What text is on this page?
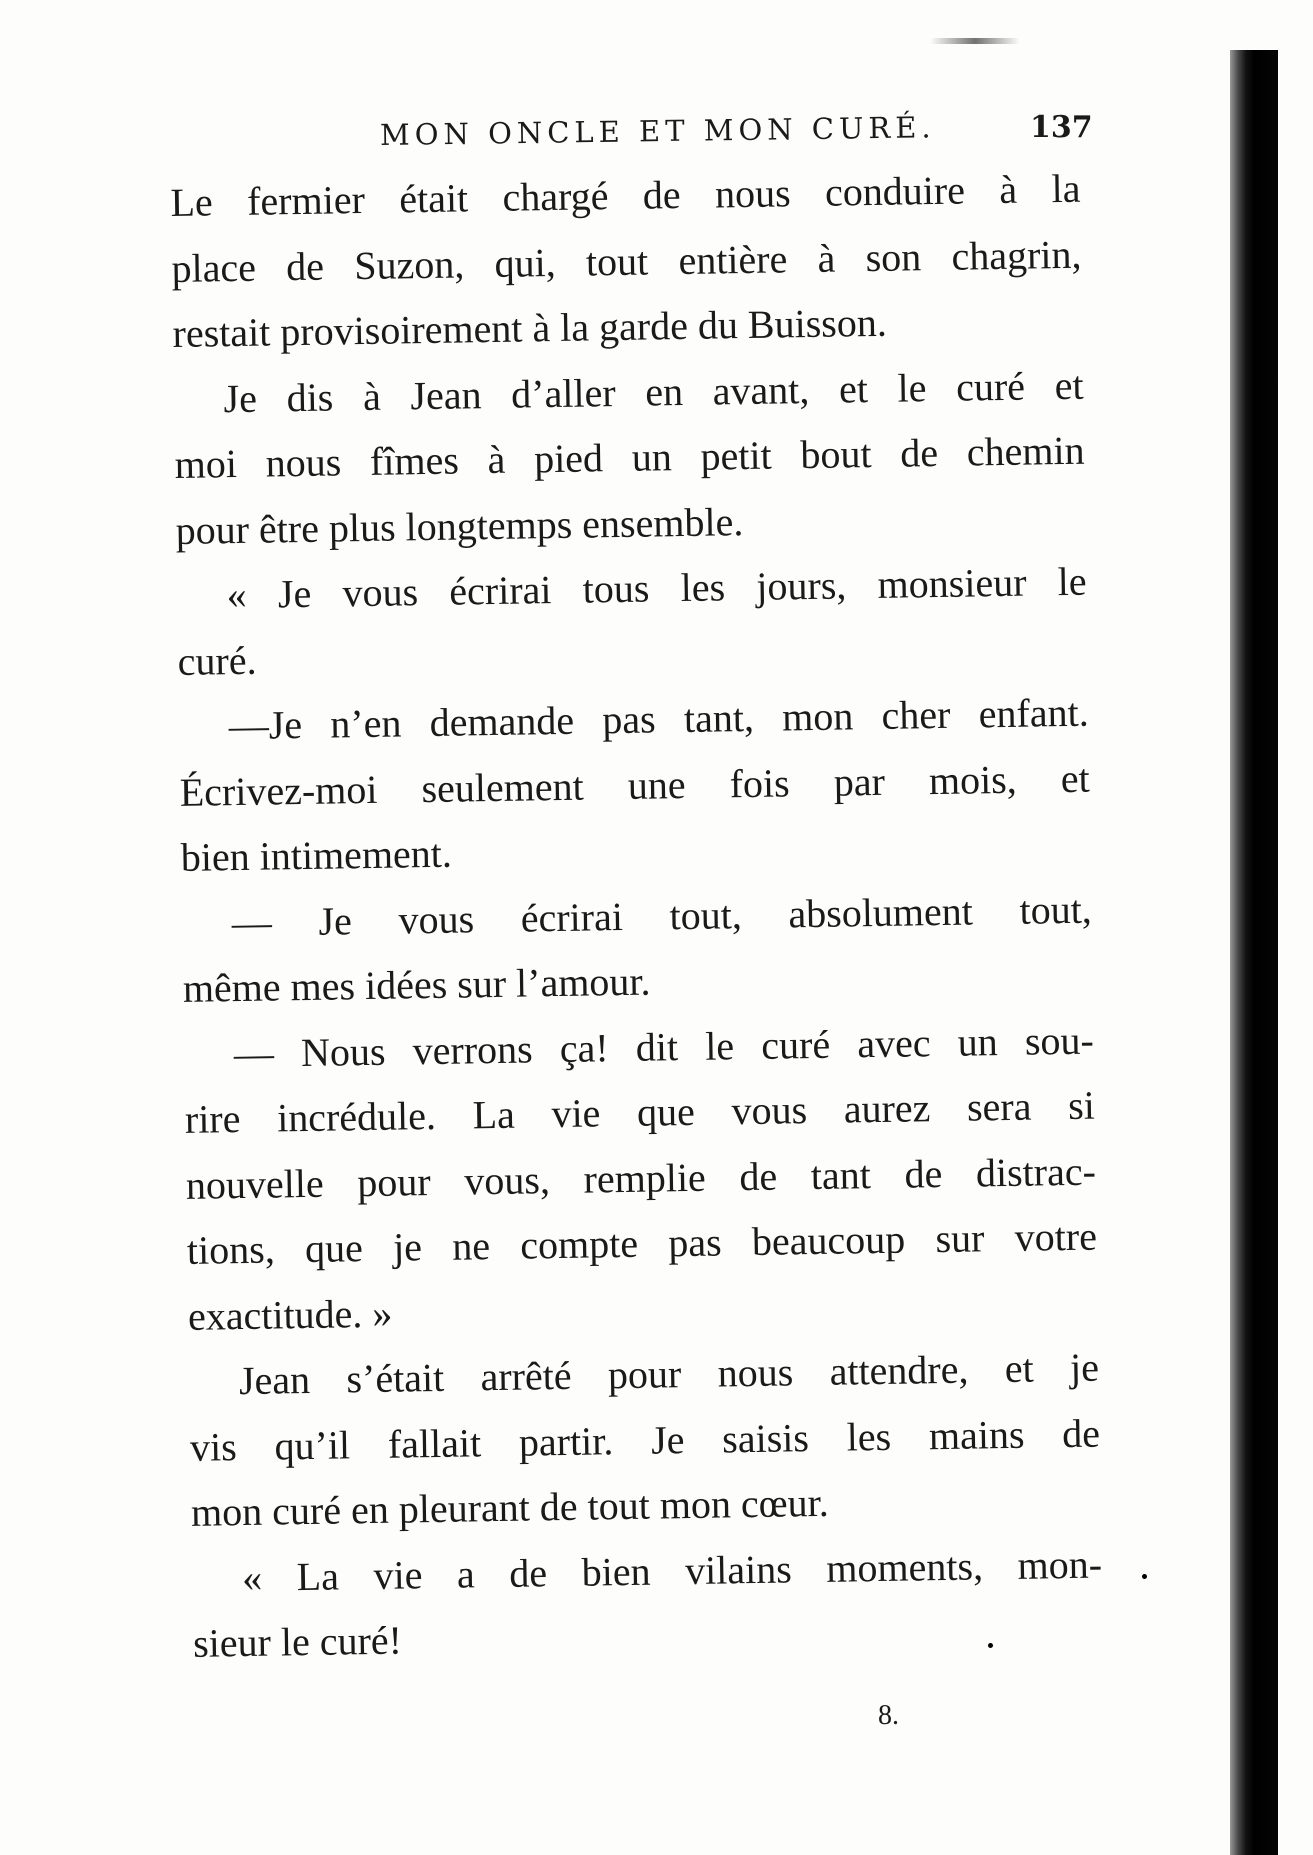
MON ONCLE ET MON CURÉ.	137
Le fermier était chargé de nous conduire à la
place de Suzon, qui, tout entière à son chagrin,
restait provisoirement à la garde du Buisson.
Je dis à Jean d’aller en avant, et le curé et
moi nous fîmes à pied un petit bout de chemin
pour être plus longtemps ensemble.
« Je vous écrirai tous les jours, monsieur le
curé.
—Je n’en demande pas tant, mon cher enfant.
Écrivez-moi seulement une fois par mois, et
bien intimement.
— Je vous écrirai tout, absolument tout,
même mes idées sur l’amour.
— Nous verrons ça! dit le curé avec un sou-
rire incrédule. La vie que vous aurez sera si
nouvelle pour vous, remplie de tant de distrac-
tions, que je ne compte pas beaucoup sur votre
exactitude. »
Jean s’était arrêté pour nous attendre, et je
vis qu’il fallait partir. Je saisis les mains de
mon curé en pleurant de tout mon cœur.
« La vie a de bien vilains moments, mon-
sieur le curé!
8.
